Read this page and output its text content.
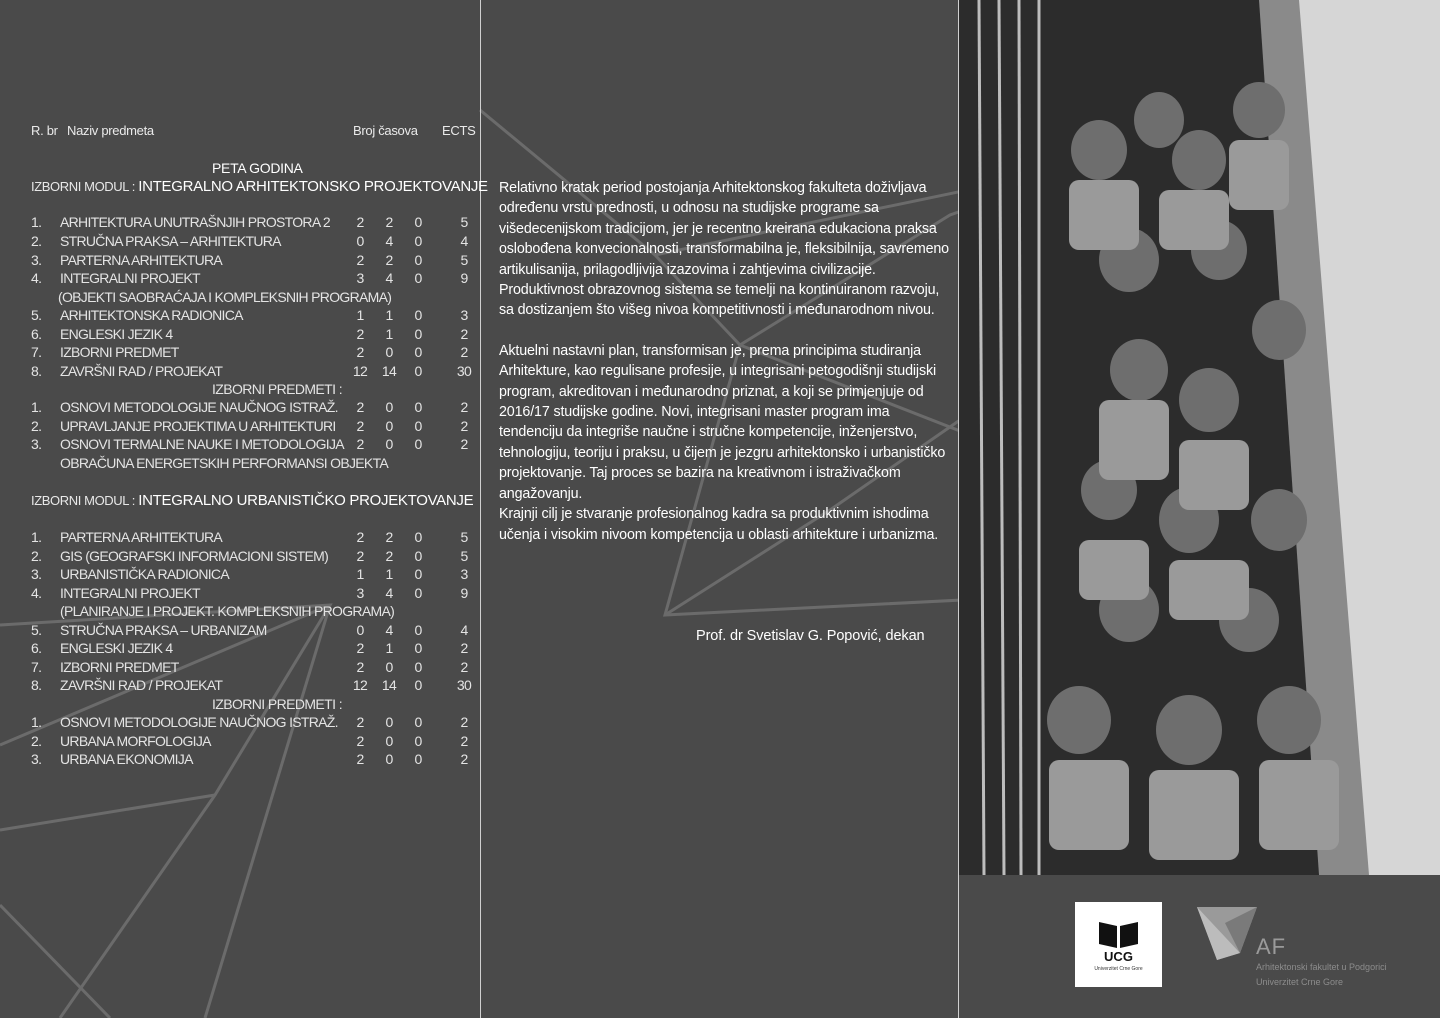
R. br Naziv predmeta	Broj časova ECTS
PETA GODINA
IZBORNI MODUL : INTEGRALNO ARHITEKTONSKO PROJEKTOVANJE
1. ARHITEKTURA UNUTRAŠNJIH PROSTORA 2	2	2	0	5
2. STRUČNA PRAKSA – ARHITEKTURA	0	4	0	4
3. PARTERNA ARHITEKTURA	2	2	0	5
4. INTEGRALNI PROJEKT	3	4	0	9
(OBJEKTI SAOBRAĆAJA I KOMPLEKSNIH PROGRAMA)
5. ARHITEKTONSKA RADIONICA	1	1	0	3
6. ENGLESKI JEZIK 4	2	1	0	2
7. IZBORNI PREDMET	2	0	0	2
8. ZAVRŠNI RAD / PROJEKAT	12	14	0	30
IZBORNI PREDMETI :
1. OSNOVI METODOLOGIJE NAUČNOG ISTRAŽ.	2	0	0	2
2. UPRAVLJANJE PROJEKTIMA U ARHITEKTURI	2	0	0	2
3. OSNOVI TERMALNE NAUKE I METODOLOGIJA 2	0	0	2
OBRAČUNA ENERGETSKIH PERFORMANSI OBJEKTA
IZBORNI MODUL : INTEGRALNO URBANISTIČKO PROJEKTOVANJE
1. PARTERNA ARHITEKTURA	2	2	0	5
2. GIS (GEOGRAFSKI INFORMACIONI SISTEM)	2	2	0	5
3. URBANISTIČKA RADIONICA	1	1	0	3
4. INTEGRALNI PROJEKT	3	4	0	9
(PLANIRANJE I PROJEKT. KOMPLEKSNIH PROGRAMA)
5. STRUČNA PRAKSA – URBANIZAM	0	4	0	4
6. ENGLESKI JEZIK 4	2	1	0	2
7. IZBORNI PREDMET	2	0	0	2
8. ZAVRŠNI RAD / PROJEKAT	12	14	0	30
IZBORNI PREDMETI :
1. OSNOVI METODOLOGIJE NAUČNOG ISTRAŽ.	2	0	0	2
2. URBANA MORFOLOGIJA	2	0	0	2
3. URBANA EKONOMIJA	2	0	0	2

Relativno kratak period postojanja Arhitektonskog fakulteta doživljava određenu vrstu prednosti, u odnosu na studijske programe sa višedecenijskom tradicijom, jer je recentno kreirana edukaciona praksa oslobođena konvecionalnosti, transformabilna je, fleksibilnija, savremeno artikulisanija, prilagodljivija izazovima i zahtjevima civilizacije. Produktivnost obrazovnog sistema se temelji na kontinuiranom razvoju, sa dostizanjem što višeg nivoa kompetitivnosti i međunarodnom nivou.

Aktuelni nastavni plan, transformisan je, prema principima studiranja Arhitekture, kao regulisane profesije, u integrisani petogodišnji studijski program, akreditovan i međunarodno priznat, a koji se primjenjuje od 2016/17 studijske godine. Novi, integrisani master program ima tendenciju da integriše naučne i stručne kompetencije, inženjerstvo, tehnologiju, teoriju i praksu, u čijem je jezgru arhitektonsko i urbanističko projektovanje. Taj proces se bazira na kreativnom i istraživačkom angažovanju.

Krajnji cilj je stvaranje profesionalnog kadra sa produktivnim ishodima učenja i visokim nivoom kompetencija u oblasti arhitekture i urbanizma.

Prof. dr Svetislav G. Popović, dekan
UCG
Univerzitet Crne Gore
AF
Arhitektonski fakultet u Podgorici
Univerzitet Crne Gore
